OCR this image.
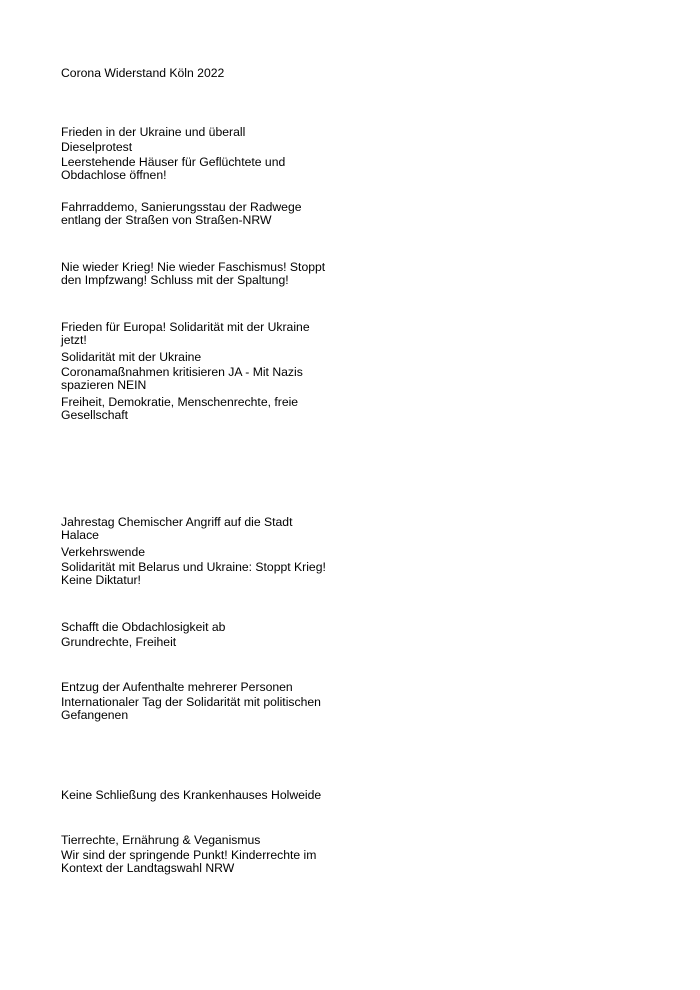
Corona Widerstand Köln 2022
Frieden in der Ukraine und überall
Dieselprotest
Leerstehende Häuser für Geflüchtete und Obdachlose öffnen!
Fahrraddemo, Sanierungsstau der Radwege entlang der Straßen von Straßen-NRW
Nie wieder Krieg! Nie wieder Faschismus! Stoppt den Impfzwang! Schluss mit der Spaltung!
Frieden für Europa! Solidarität mit der Ukraine jetzt!
Solidarität mit der Ukraine
Coronamaßnahmen kritisieren JA - Mit Nazis spazieren NEIN
Freiheit, Demokratie, Menschenrechte, freie Gesellschaft
Jahrestag Chemischer Angriff auf die Stadt Halace
Verkehrswende
Solidarität mit Belarus und Ukraine: Stoppt Krieg! Keine Diktatur!
Schafft die Obdachlosigkeit ab
Grundrechte, Freiheit
Entzug der Aufenthalte mehrerer Personen
Internationaler Tag der Solidarität mit politischen Gefangenen
Keine Schließung des Krankenhauses Holweide
Tierrechte, Ernährung & Veganismus
Wir sind der springende Punkt! Kinderrechte im Kontext der Landtagswahl NRW
